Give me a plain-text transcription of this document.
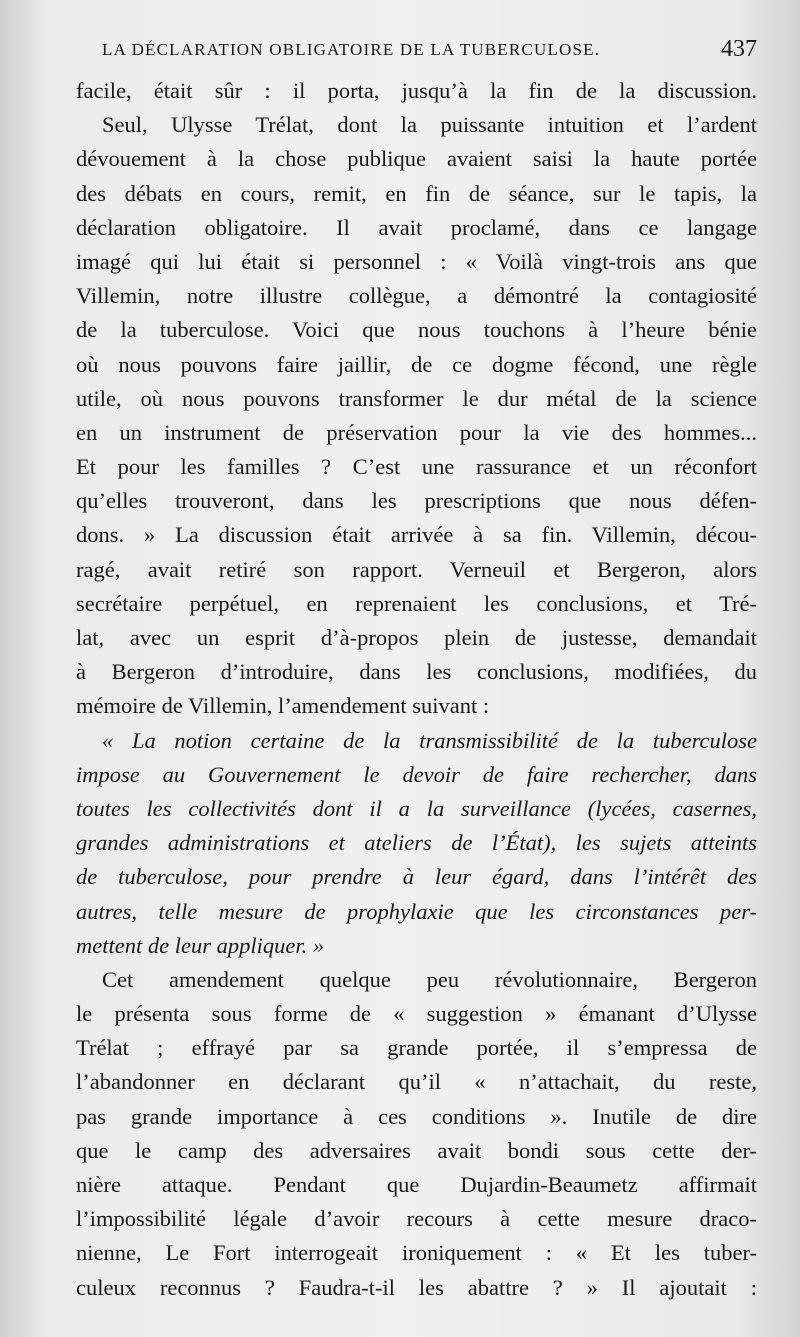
LA DÉCLARATION OBLIGATOIRE DE LA TUBERCULOSE.	437
facile, était sûr : il porta, jusqu’à la fin de la discussion.
Seul, Ulysse Trélat, dont la puissante intuition et l’ardent
dévouement à la chose publique avaient saisi la haute portée
des débats en cours, remit, en fin de séance, sur le tapis, la
déclaration obligatoire. Il avait proclamé, dans ce langage
imagé qui lui était si personnel : « Voilà vingt-trois ans que
Villemin, notre illustre collègue, a démontré la contagiosité
de la tuberculose. Voici que nous touchons à l’heure bénie
où nous pouvons faire jaillir, de ce dogme fécond, une règle
utile, où nous pouvons transformer le dur métal de la science
en un instrument de préservation pour la vie des hommes...
Et pour les familles ? C’est une rassurance et un réconfort
qu’elles trouveront, dans les prescriptions que nous défen-
dons. » La discussion était arrivée à sa fin. Villemin, décou-
ragé, avait retiré son rapport. Verneuil et Bergeron, alors
secrétaire perpétuel, en reprenaient les conclusions, et Tré-
lat, avec un esprit d’à-propos plein de justesse, demandait
à Bergeron d’introduire, dans les conclusions, modifiées, du
mémoire de Villemin, l’amendement suivant :
« La notion certaine de la transmissibilité de la tuberculose
impose au Gouvernement le devoir de faire rechercher, dans
toutes les collectivités dont il a la surveillance (lycées, casernes,
grandes administrations et ateliers de l’État), les sujets atteints
de tuberculose, pour prendre à leur égard, dans l’intérêt des
autres, telle mesure de prophylaxie que les circonstances per-
mettent de leur appliquer. »
Cet amendement quelque peu révolutionnaire, Bergeron
le présenta sous forme de « suggestion » émanant d’Ulysse
Trélat ; effrayé par sa grande portée, il s’empressa de
l’abandonner en déclarant qu’il « n’attachait, du reste,
pas grande importance à ces conditions ». Inutile de dire
que le camp des adversaires avait bondi sous cette der-
nière attaque. Pendant que Dujardin-Beaumetz affirmait
l’impossibilité légale d’avoir recours à cette mesure draco-
nienne, Le Fort interrogeait ironiquement : « Et les tuber-
culeux reconnus ? Faudra-t-il les abattre ? » Il ajoutait :
